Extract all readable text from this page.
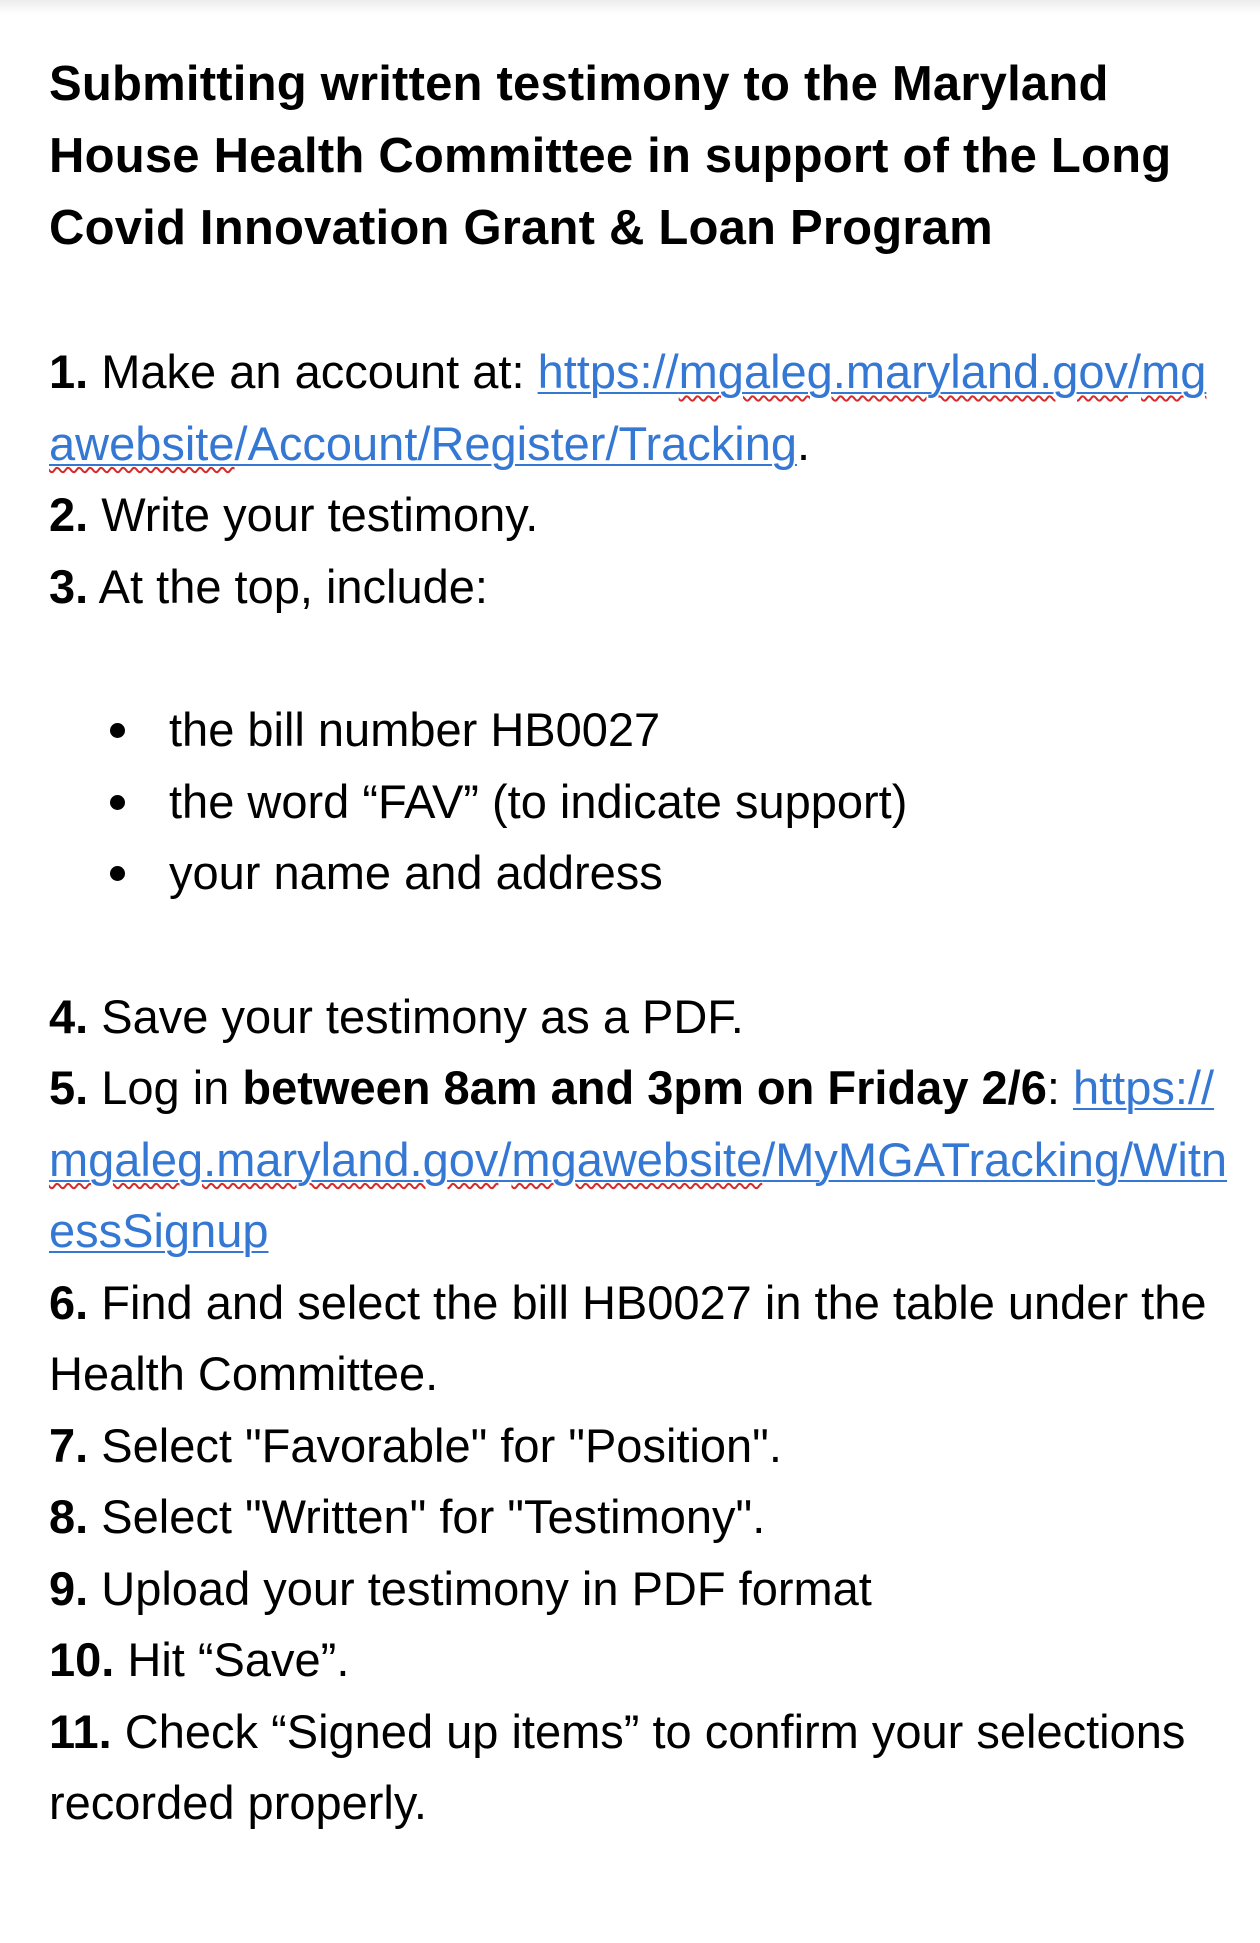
Submitting written testimony to the Maryland House Health Committee in support of the Long Covid Innovation Grant & Loan Program

1. Make an account at: https://mgaleg.maryland.gov/mgawebsite/Account/Register/Tracking.

2. Write your testimony.

3. At the top, include:

the bill number HB0027
the word “FAV” (to indicate support)
your name and address

4. Save your testimony as a PDF.

5. Log in between 8am and 3pm on Friday 2/6: https://mgaleg.maryland.gov/mgawebsite/MyMGATracking/WitnessSignup

6. Find and select the bill HB0027 in the table under the Health Committee.

7. Select "Favorable" for "Position".

8. Select "Written" for "Testimony".

9. Upload your testimony in PDF format

10. Hit “Save”.

11. Check “Signed up items” to confirm your selections recorded properly.
